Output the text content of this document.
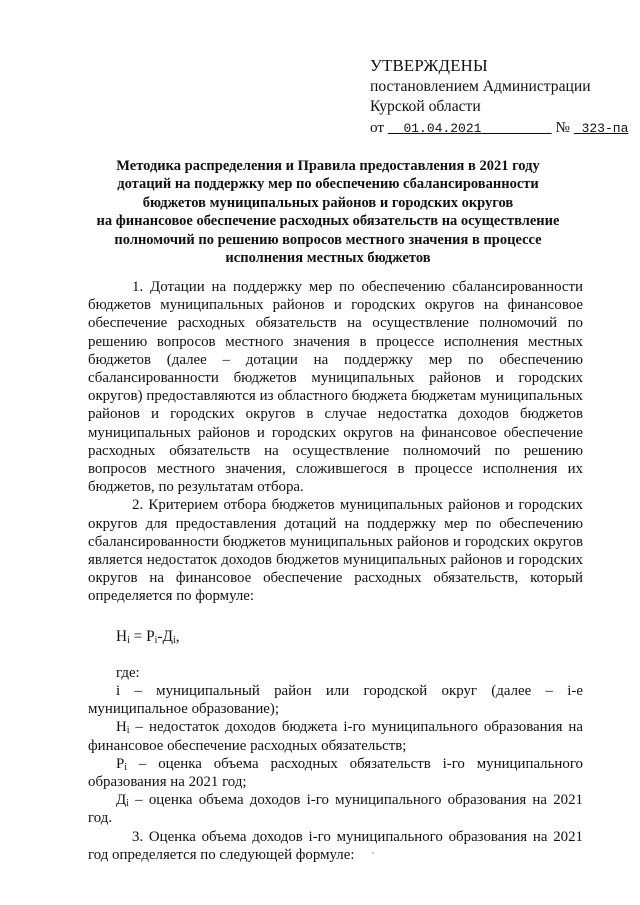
УТВЕРЖДЕНЫ
постановлением Администрации
Курской области
от 01.04.2021	№ 323-па
Методика распределения и Правила предоставления в 2021 году
дотаций на поддержку мер по обеспечению сбалансированности
бюджетов муниципальных районов и городских округов
на финансовое обеспечение расходных обязательств на осуществление
полномочий по решению вопросов местного значения в процессе
исполнения местных бюджетов

1. Дотации на поддержку мер по обеспечению сбалансированности бюджетов муниципальных районов и городских округов на финансовое обеспечение расходных обязательств на осуществление полномочий по решению вопросов местного значения в процессе исполнения местных бюджетов (далее – дотации на поддержку мер по обеспечению сбалансированности бюджетов муниципальных районов и городских округов) предоставляются из областного бюджета бюджетам муниципальных районов и городских округов в случае недостатка доходов бюджетов муниципальных районов и городских округов на финансовое обеспечение расходных обязательств на осуществление полномочий по решению вопросов местного значения, сложившегося в процессе исполнения их бюджетов, по результатам отбора.

2. Критерием отбора бюджетов муниципальных районов и городских округов для предоставления дотаций на поддержку мер по обеспечению сбалансированности бюджетов муниципальных районов и городских округов является недостаток доходов бюджетов муниципальных районов и городских округов на финансовое обеспечение расходных обязательств, который определяется по формуле:

$Н_i = Р_i-Д_i$,
где:

i – муниципальный район или городской округ (далее – i-е муниципальное образование);

$Н_i$ – недостаток доходов бюджета i-го муниципального образования на финансовое обеспечение расходных обязательств;

$Р_i$ – оценка объема расходных обязательств i-го муниципального образования на 2021 год;

$Д_i$ – оценка объема доходов i-го муниципального образования на 2021 год.

3. Оценка объема доходов i-го муниципального образования на 2021 год определяется по следующей формуле:
